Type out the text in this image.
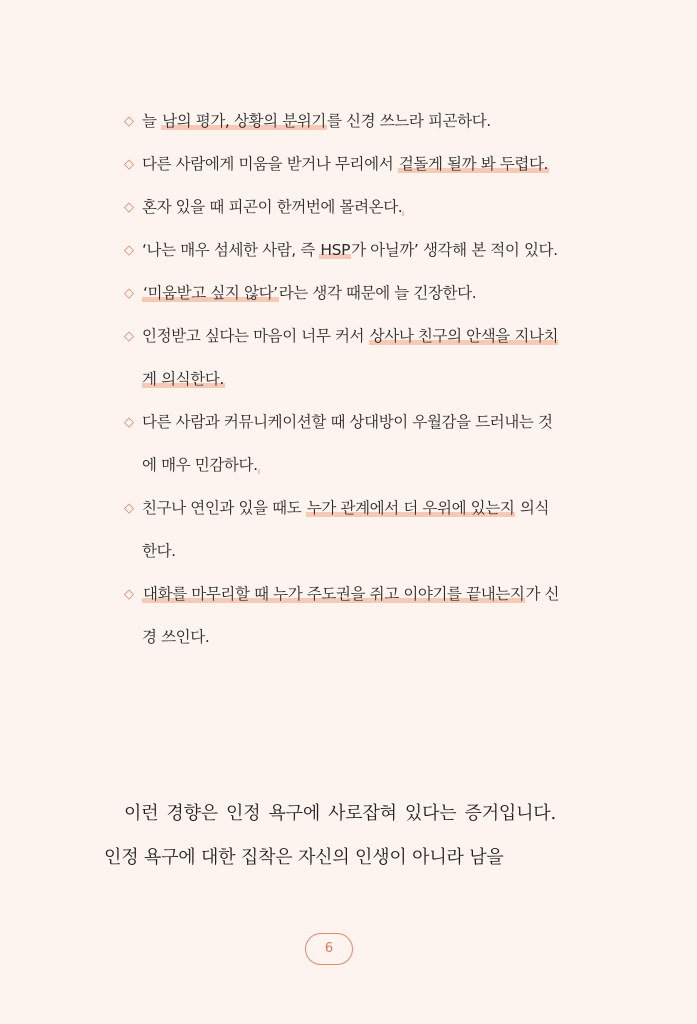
◇ 늘 남의 평가, 상황의 분위기를 신경 쓰느라 피곤하다.
◇ 다른 사람에게 미움을 받거나 무리에서 겉돌게 될까 봐 두렵다.
◇ 혼자 있을 때 피곤이 한꺼번에 몰려온다.
◇ ‘나는 매우 섬세한 사람, 즉 HSP가 아닐까’ 생각해 본 적이 있다.
◇ ‘미움받고 싶지 않다’라는 생각 때문에 늘 긴장한다.
◇ 인정받고 싶다는 마음이 너무 커서 상사나 친구의 안색을 지나치게 의식한다.
◇ 다른 사람과 커뮤니케이션할 때 상대방이 우월감을 드러내는 것에 매우 민감하다.
◇ 친구나 연인과 있을 때도 누가 관계에서 더 우위에 있는지 의식한다.
◇ 대화를 마무리할 때 누가 주도권을 쥐고 이야기를 끝내는지가 신경 쓰인다.

이런 경향은 인정 욕구에 사로잡혀 있다는 증거입니다. 인정 욕구에 대한 집착은 자신의 인생이 아니라 남을

6
